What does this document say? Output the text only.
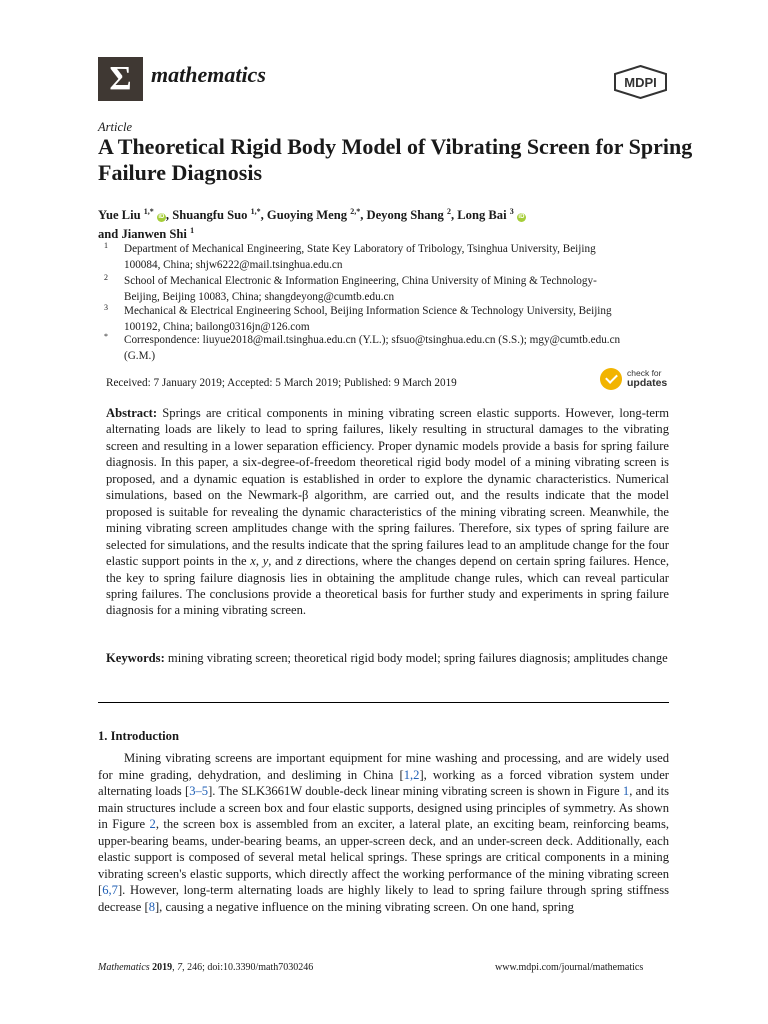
Σ mathematics	MDPI
Article
A Theoretical Rigid Body Model of Vibrating Screen for Spring Failure Diagnosis
Yue Liu $^{1,*}$ iD , Shuangfu Suo $^{1,*}$, Guoying Meng $^{2,*}$, Deyong Shang $^2$, Long Bai $^3$ iD
and Jianwen Shi $^1$
1 Department of Mechanical Engineering, State Key Laboratory of Tribology, Tsinghua University, Beijing 100084, China; shjw6222@mail.tsinghua.edu.cn
2 School of Mechanical Electronic & Information Engineering, China University of Mining & Technology-Beijing, Beijing 10083, China; shangdeyong@cumtb.edu.cn
3 Mechanical & Electrical Engineering School, Beijing Information Science & Technology University, Beijing 100192, China; bailong0316jn@126.com
* Correspondence: liuyue2018@mail.tsinghua.edu.cn (Y.L.); sfsuo@tsinghua.edu.cn (S.S.); mgy@cumtb.edu.cn (G.M.)
Received: 7 January 2019; Accepted: 5 March 2019; Published: 9 March 2019
check for
updates
Abstract: Springs are critical components in mining vibrating screen elastic supports. However, long-term alternating loads are likely to lead to spring failures, likely resulting in structural damages to the vibrating screen and resulting in a lower separation efficiency. Proper dynamic models provide a basis for spring failure diagnosis. In this paper, a six-degree-of-freedom theoretical rigid body model of a mining vibrating screen is proposed, and a dynamic equation is established in order to explore the dynamic characteristics. Numerical simulations, based on the Newmark-β algorithm, are carried out, and the results indicate that the model proposed is suitable for revealing the dynamic characteristics of the mining vibrating screen. Meanwhile, the mining vibrating screen amplitudes change with the spring failures. Therefore, six types of spring failure are selected for simulations, and the results indicate that the spring failures lead to an amplitude change for the four elastic support points in the x, y, and z directions, where the changes depend on certain spring failures. Hence, the key to spring failure diagnosis lies in obtaining the amplitude change rules, which can reveal particular spring failures. The conclusions provide a theoretical basis for further study and experiments in spring failure diagnosis for a mining vibrating screen.
Keywords: mining vibrating screen; theoretical rigid body model; spring failures diagnosis; amplitudes change
1. Introduction
Mining vibrating screens are important equipment for mine washing and processing, and are widely used for mine grading, dehydration, and desliming in China [1,2], working as a forced vibration system under alternating loads [3–5]. The SLK3661W double-deck linear mining vibrating screen is shown in Figure 1, and its main structures include a screen box and four elastic supports, designed using principles of symmetry. As shown in Figure 2, the screen box is assembled from an exciter, a lateral plate, an exciting beam, reinforcing beams, upper-bearing beams, under-bearing beams, an upper-screen deck, and an under-screen deck. Additionally, each elastic support is composed of several metal helical springs. These springs are critical components in a mining vibrating screen's elastic supports, which directly affect the working performance of the mining vibrating screen [6,7]. However, long-term alternating loads are highly likely to lead to spring failure through spring stiffness decrease [8], causing a negative influence on the mining vibrating screen. On one hand, spring
Mathematics 2019, 7, 246; doi:10.3390/math7030246	www.mdpi.com/journal/mathematics
